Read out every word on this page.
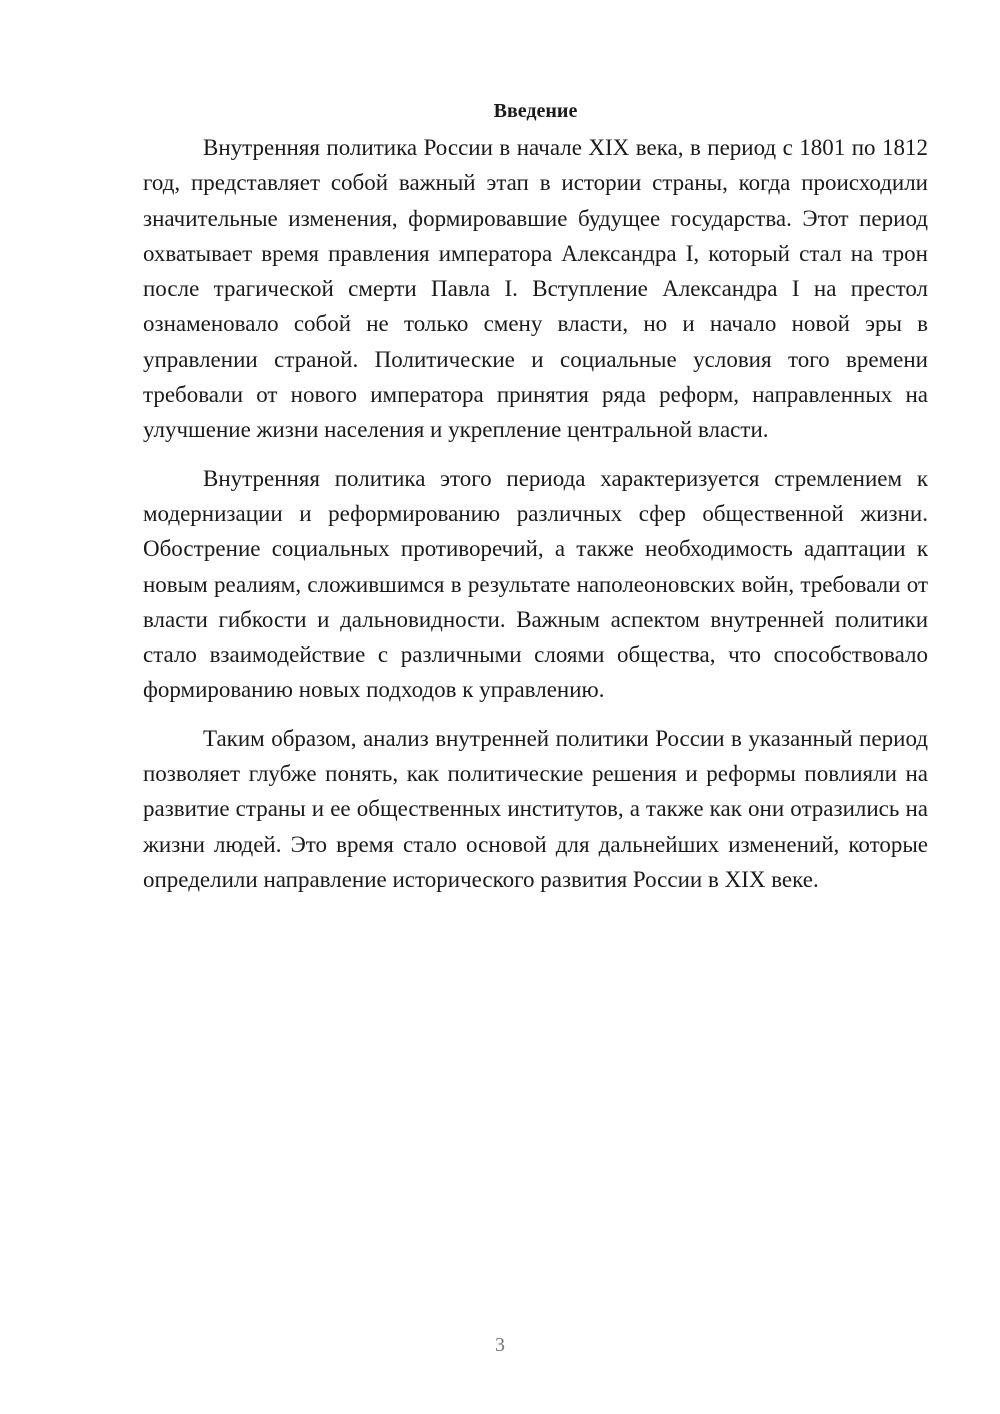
Введение

Внутренняя политика России в начале XIX века, в период с 1801 по 1812 год, представляет собой важный этап в истории страны, когда происходили значительные изменения, формировавшие будущее государства. Этот период охватывает время правления императора Александра I, который стал на трон после трагической смерти Павла I. Вступление Александра I на престол ознаменовало собой не только смену власти, но и начало новой эры в управлении страной. Политические и социальные условия того времени требовали от нового императора принятия ряда реформ, направленных на улучшение жизни населения и укрепление центральной власти.

Внутренняя политика этого периода характеризуется стремлением к модернизации и реформированию различных сфер общественной жизни. Обострение социальных противоречий, а также необходимость адаптации к новым реалиям, сложившимся в результате наполеоновских войн, требовали от власти гибкости и дальновидности. Важным аспектом внутренней политики стало взаимодействие с различными слоями общества, что способствовало формированию новых подходов к управлению.

Таким образом, анализ внутренней политики России в указанный период позволяет глубже понять, как политические решения и реформы повлияли на развитие страны и ее общественных институтов, а также как они отразились на жизни людей. Это время стало основой для дальнейших изменений, которые определили направление исторического развития России в XIX веке.

3
